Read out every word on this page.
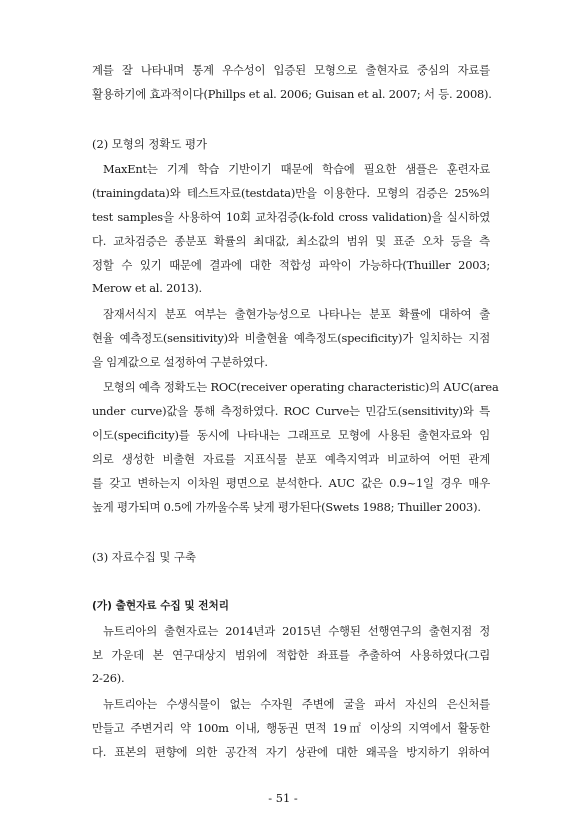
계를 잘 나타내며 통계 우수성이 입증된 모형으로 출현자료 중심의 자료를
활용하기에 효과적이다(Phillps et al. 2006; Guisan et al. 2007; 서 등. 2008).
(2) 모형의 정확도 평가
MaxEnt는 기계 학습 기반이기 때문에 학습에 필요한 샘플은 훈련자료
(trainingdata)와 테스트자료(testdata)만을 이용한다. 모형의 검증은 25%의
test samples을 사용하여 10회 교차검증(k-fold cross validation)을 실시하였
다. 교차검증은 종분포 확률의 최대값, 최소값의 범위 및 표준 오차 등을 측
정할 수 있기 때문에 결과에 대한 적합성 파악이 가능하다(Thuiller 2003;
Merow et al. 2013).
잠재서식지 분포 여부는 출현가능성으로 나타나는 분포 확률에 대하여 출
현율 예측정도(sensitivity)와 비출현율 예측정도(specificity)가 일치하는 지점
을 임계값으로 설정하여 구분하였다.
모형의 예측 정확도는 ROC(receiver operating characteristic)의 AUC(area
under curve)값을 통해 측정하였다. ROC Curve는 민감도(sensitivity)와 특
이도(specificity)를 동시에 나타내는 그래프로 모형에 사용된 출현자료와 임
의로 생성한 비출현 자료를 지표식물 분포 예측지역과 비교하여 어떤 관계
를 갖고 변하는지 이차원 평면으로 분석한다. AUC 값은 0.9~1일 경우 매우
높게 평가되며 0.5에 가까울수록 낮게 평가된다(Swets 1988; Thuiller 2003).
(3) 자료수집 및 구축
(가) 출현자료 수집 및 전처리
뉴트리아의 출현자료는 2014년과 2015년 수행된 선행연구의 출현지점 정
보 가운데 본 연구대상지 범위에 적합한 좌표를 추출하여 사용하였다(그림
2-26).
뉴트리아는 수생식물이 없는 수자원 주변에 굴을 파서 자신의 은신처를
만들고 주변거리 약 100m 이내, 행동권 면적 19㎡ 이상의 지역에서 활동한
다. 표본의 편향에 의한 공간적 자기 상관에 대한 왜곡을 방지하기 위하여
- 51 -
